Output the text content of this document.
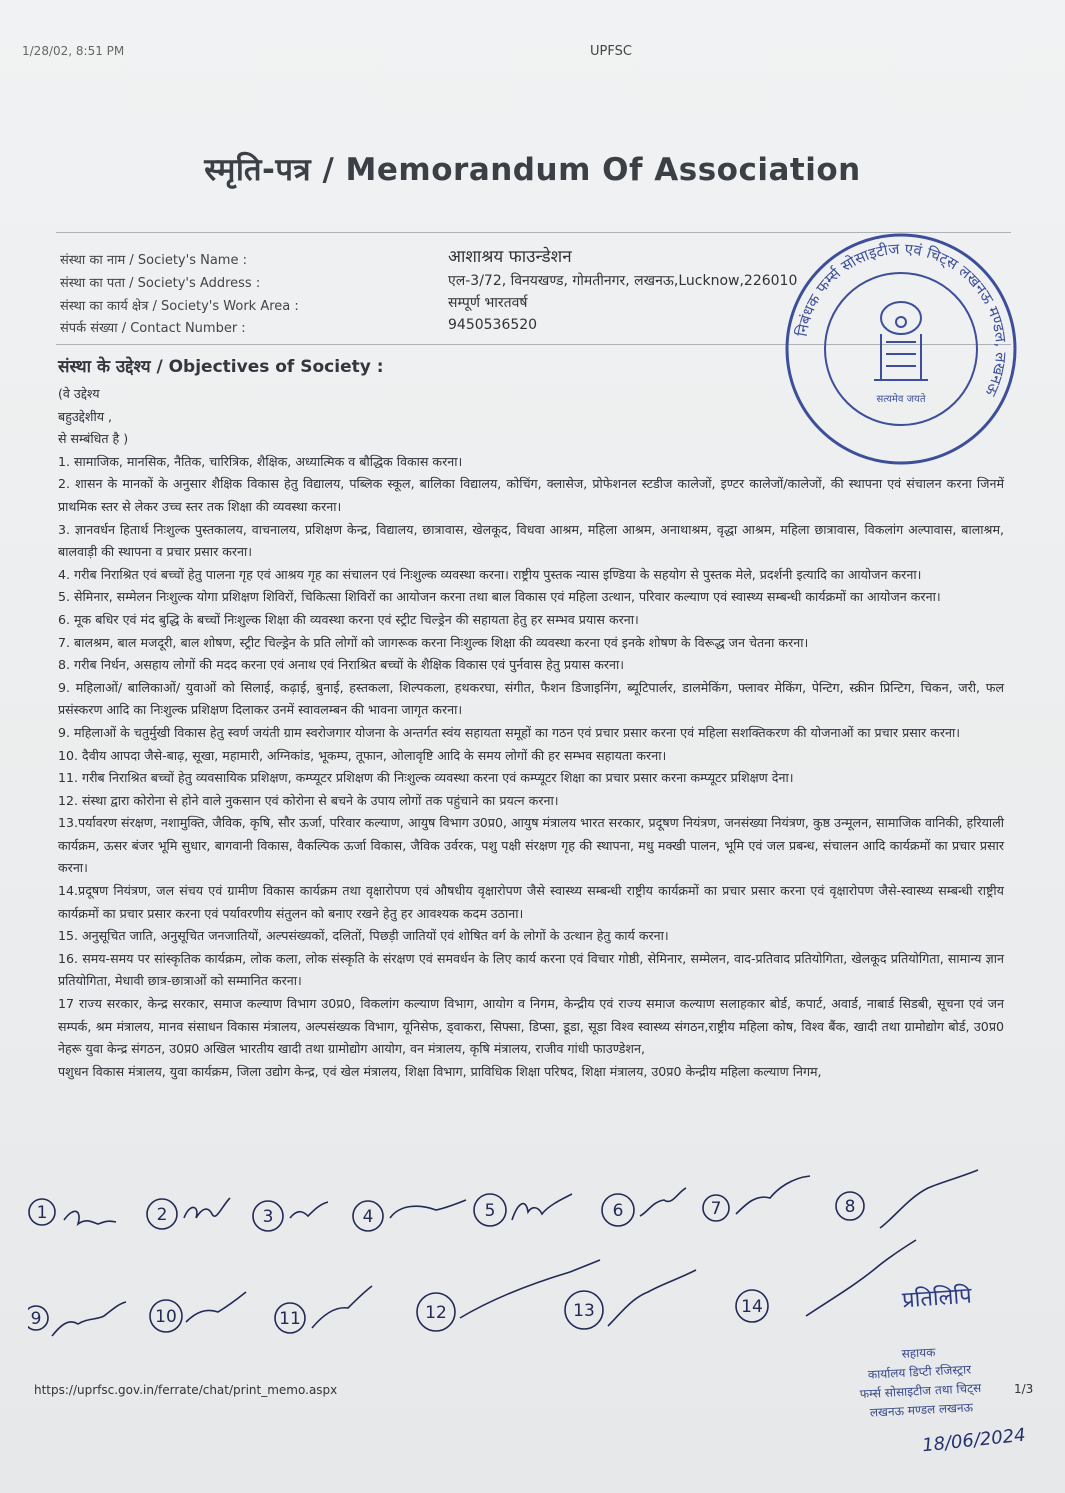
1/28/02, 8:51 PM	UPFSC
स्मृति-पत्र / Memorandum Of Association
संस्था का नाम / Society's Name :	आशाश्रय फाउन्डेशन
संस्था का पता / Society's Address :	एल-3/72, विनयखण्ड, गोमतीनगर, लखनऊ,Lucknow,226010
संस्था का कार्य क्षेत्र / Society's Work Area :	सम्पूर्ण भारतवर्ष
संपर्क संख्या / Contact Number :	9450536520	निबंधक फर्म्स सोसाइटीज एवं चिट्स लखनऊ मण्डल, लखनऊ
सत्यमेव जयते
संस्था के उद्देश्य / Objectives of Society :

(वे उद्देश्य

बहुउद्देशीय ,

से सम्बंधित है )

1. सामाजिक, मानसिक, नैतिक, चारित्रिक, शैक्षिक, अध्यात्मिक व बौद्धिक विकास करना।

2. शासन के मानकों के अनुसार शैक्षिक विकास हेतु विद्यालय, पब्लिक स्कूल, बालिका विद्यालय, कोचिंग, क्लासेज, प्रोफेशनल स्टडीज कालेजों, इण्टर कालेजों/कालेजों, की स्थापना एवं संचालन करना जिनमें प्राथमिक स्तर से लेकर उच्च स्तर तक शिक्षा की व्यवस्था करना।

3. ज्ञानवर्धन हितार्थ निःशुल्क पुस्तकालय, वाचनालय, प्रशिक्षण केन्द्र, विद्यालय, छात्रावास, खेलकूद, विधवा आश्रम, महिला आश्रम, अनाथाश्रम, वृद्धा आश्रम, महिला छात्रावास, विकलांग अल्पावास, बालाश्रम, बालवाड़ी की स्थापना व प्रचार प्रसार करना।

4. गरीब निराश्रित एवं बच्चों हेतु पालना गृह एवं आश्रय गृह का संचालन एवं निःशुल्क व्यवस्था करना। राष्ट्रीय पुस्तक न्यास इण्डिया के सहयोग से पुस्तक मेले, प्रदर्शनी इत्यादि का आयोजन करना।

5. सेमिनार, सम्मेलन निःशुल्क योगा प्रशिक्षण शिविरों, चिकित्सा शिविरों का आयोजन करना तथा बाल विकास एवं महिला उत्थान, परिवार कल्याण एवं स्वास्थ्य सम्बन्धी कार्यक्रमों का आयोजन करना।

6. मूक बधिर एवं मंद बुद्धि के बच्चों निःशुल्क शिक्षा की व्यवस्था करना एवं स्ट्रीट चिल्ड्रेन की सहायता हेतु हर सम्भव प्रयास करना।

7. बालश्रम, बाल मजदूरी, बाल शोषण, स्ट्रीट चिल्ड्रेन के प्रति लोगों को जागरूक करना निःशुल्क शिक्षा की व्यवस्था करना एवं इनके शोषण के विरूद्ध जन चेतना करना।

8. गरीब निर्धन, असहाय लोगों की मदद करना एवं अनाथ एवं निराश्रित बच्चों के शैक्षिक विकास एवं पुर्नवास हेतु प्रयास करना।

9. महिलाओं/ बालिकाओं/ युवाओं को सिलाई, कढ़ाई, बुनाई, हस्तकला, शिल्पकला, हथकरघा, संगीत, फैशन डिजाइनिंग, ब्यूटिपार्लर, डालमेकिंग, फ्लावर मेकिंग, पेन्टिग, स्क्रीन प्रिन्टिग, चिकन, जरी, फल प्रसंस्करण आदि का निःशुल्क प्रशिक्षण दिलाकर उनमें स्वावलम्बन की भावना जागृत करना।

9. महिलाओं के चतुर्मुखी विकास हेतु स्वर्ण जयंती ग्राम स्वरोजगार योजना के अन्तर्गत स्वंय सहायता समूहों का गठन एवं प्रचार प्रसार करना एवं महिला सशक्तिकरण की योजनाओं का प्रचार प्रसार करना।

10. दैवीय आपदा जैसे-बाढ़, सूखा, महामारी, अग्निकांड, भूकम्प, तूफान, ओलावृष्टि आदि के समय लोगों की हर सम्भव सहायता करना।

11. गरीब निराश्रित बच्चों हेतु व्यवसायिक प्रशिक्षण, कम्प्यूटर प्रशिक्षण की निःशुल्क व्यवस्था करना एवं कम्प्यूटर शिक्षा का प्रचार प्रसार करना कम्प्यूटर प्रशिक्षण देना।

12. संस्था द्वारा कोरोना से होने वाले नुकसान एवं कोरोना से बचने के उपाय लोगों तक पहुंचाने का प्रयत्न करना।

13.पर्यावरण संरक्षण, नशामुक्ति, जैविक, कृषि, सौर ऊर्जा, परिवार कल्याण, आयुष विभाग उ0प्र0, आयुष मंत्रालय भारत सरकार, प्रदूषण नियंत्रण, जनसंख्या नियंत्रण, कुष्ठ उन्मूलन, सामाजिक वानिकी, हरियाली कार्यक्रम, ऊसर बंजर भूमि सुधार, बागवानी विकास, वैकल्पिक ऊर्जा विकास, जैविक उर्वरक, पशु पक्षी संरक्षण गृह की स्थापना, मधु मक्खी पालन, भूमि एवं जल प्रबन्ध, संचालन आदि कार्यक्रमों का प्रचार प्रसार करना।

14.प्रदूषण नियंत्रण, जल संचय एवं ग्रामीण विकास कार्यक्रम तथा वृक्षारोपण एवं औषधीय वृक्षारोपण जैसे स्वास्थ्य सम्बन्धी राष्ट्रीय कार्यक्रमों का प्रचार प्रसार करना एवं वृक्षारोपण जैसे-स्वास्थ्य सम्बन्धी राष्ट्रीय कार्यक्रमों का प्रचार प्रसार करना एवं पर्यावरणीय संतुलन को बनाए रखने हेतु हर आवश्यक कदम उठाना।

15. अनुसूचित जाति, अनुसूचित जनजातियों, अल्पसंख्यकों, दलितों, पिछड़ी जातियों एवं शोषित वर्ग के लोगों के उत्थान हेतु कार्य करना।

16. समय-समय पर सांस्कृतिक कार्यक्रम, लोक कला, लोक संस्कृति के संरक्षण एवं समवर्धन के लिए कार्य करना एवं विचार गोष्ठी, सेमिनार, सम्मेलन, वाद-प्रतिवाद प्रतियोगिता, खेलकूद प्रतियोगिता, सामान्य ज्ञान प्रतियोगिता, मेधावी छात्र-छात्राओं को सम्मानित करना।

17 राज्य सरकार, केन्द्र सरकार, समाज कल्याण विभाग उ0प्र0, विकलांग कल्याण विभाग, आयोग व निगम, केन्द्रीय एवं राज्य समाज कल्याण सलाहकार बोर्ड, कपार्ट, अवार्ड, नाबार्ड सिडबी, सूचना एवं जन सम्पर्क, श्रम मंत्रालय, मानव संसाधन विकास मंत्रालय, अल्पसंख्यक विभाग, यूनिसेफ, ड्वाकरा, सिफ्सा, डिप्सा, डूडा, सूडा विश्व स्वास्थ्य संगठन,राष्ट्रीय महिला कोष, विश्व बैंक, खादी तथा ग्रामोद्योग बोर्ड, उ0प्र0 नेहरू युवा केन्द्र संगठन, उ0प्र0 अखिल भारतीय खादी तथा ग्रामोद्योग आयोग, वन मंत्रालय, कृषि मंत्रालय, राजीव गांधी फाउण्डेशन,

पशुधन विकास मंत्रालय, युवा कार्यक्रम, जिला उद्योग केन्द्र, एवं खेल मंत्रालय, शिक्षा विभाग, प्राविधिक शिक्षा परिषद, शिक्षा मंत्रालय, उ0प्र0 केन्द्रीय महिला कल्याण निगम,

1	2	3	4	5	6	7	8
9	10	11	12	13	14	प्रतिलिपि
सहायक
कार्यालय डिप्टी रजिस्ट्रार
फर्म्स सोसाइटीज तथा चिट्स
लखनऊ मण्डल लखनऊ
18/06/2024
https://uprfsc.gov.in/ferrate/chat/print_memo.aspx	1/3
